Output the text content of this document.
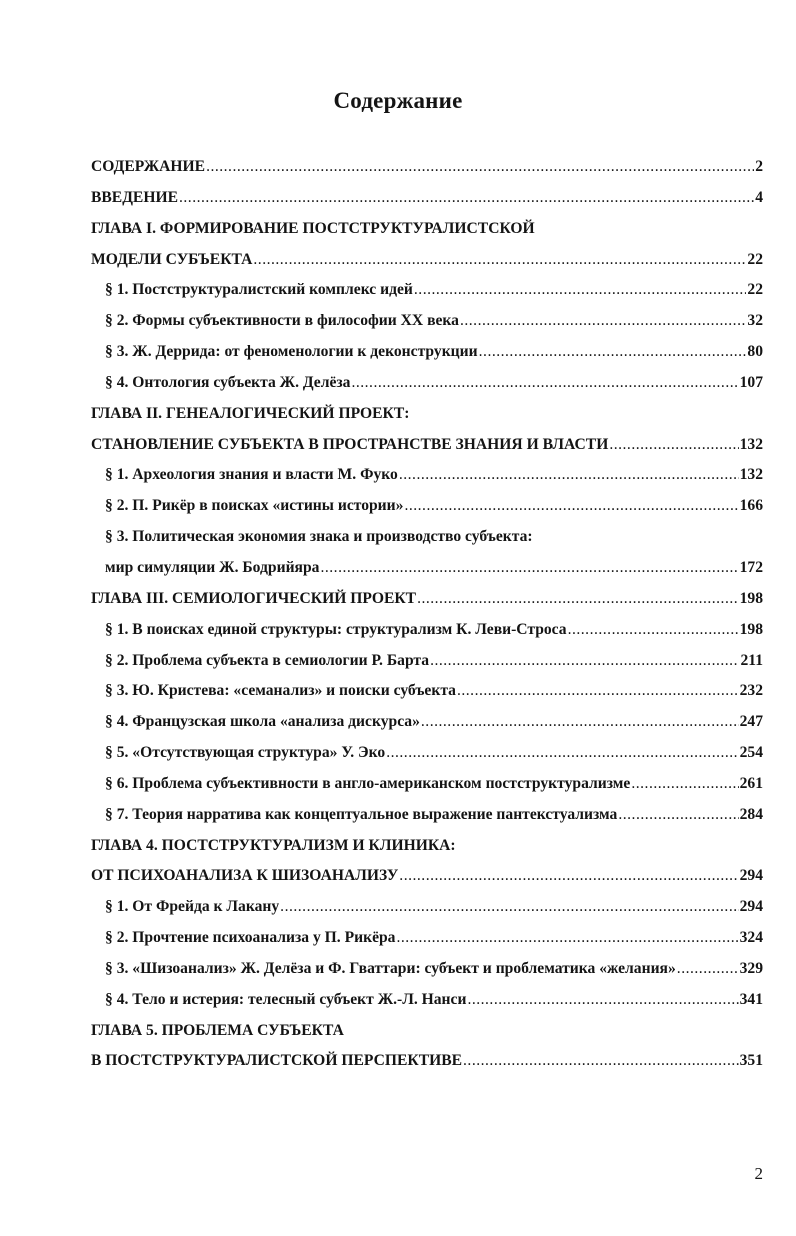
Содержание
СОДЕРЖАНИЕ .....	2
ВВЕДЕНИЕ .....	4
ГЛАВА I. ФОРМИРОВАНИЕ ПОСТСТРУКТУРАЛИСТСКОЙ
МОДЕЛИ СУБЪЕКТА .....	22
§ 1. Постструктуралистский комплекс идей .....	22
§ 2. Формы субъективности в философии XX века .....	32
§ 3. Ж. Деррида: от феноменологии к деконструкции .....	80
§ 4. Онтология субъекта Ж. Делёза .....	107
ГЛАВА II. ГЕНЕАЛОГИЧЕСКИЙ ПРОЕКТ:
СТАНОВЛЕНИЕ СУБЪЕКТА В ПРОСТРАНСТВЕ ЗНАНИЯ И ВЛАСТИ .....	132
§ 1. Археология знания и власти М. Фуко .....	132
§ 2. П. Рикёр в поисках «истины истории» .....	166
§ 3. Политическая экономия знака и производство субъекта:
мир симуляции Ж. Бодрийяра .....	172
ГЛАВА III. СЕМИОЛОГИЧЕСКИЙ ПРОЕКТ .....	198
§ 1. В поисках единой структуры: структурализм К. Леви-Строса .....	198
§ 2. Проблема субъекта в семиологии Р. Барта .....	211
§ 3. Ю. Кристева: «семанализ» и поиски субъекта .....	232
§ 4. Французская школа «анализа дискурса» .....	247
§ 5. «Отсутствующая структура» У. Эко .....	254
§ 6. Проблема субъективности в англо-американском постструктурализме .....	261
§ 7. Теория нарратива как концептуальное выражение пантекстуализма .....	284
ГЛАВА 4. ПОСТСТРУКТУРАЛИЗМ И КЛИНИКА:
ОТ ПСИХОАНАЛИЗА К ШИЗОАНАЛИЗУ .....	294
§ 1. От Фрейда к Лакану .....	294
§ 2. Прочтение психоанализа у П. Рикёра .....	324
§ 3. «Шизоанализ» Ж. Делёза и Ф. Гваттари: субъект и проблематика «желания» .....	329
§ 4. Тело и истерия: телесный субъект Ж.-Л. Нанси .....	341
ГЛАВА 5. ПРОБЛЕМА СУБЪЕКТА
В ПОСТСТРУКТУРАЛИСТСКОЙ ПЕРСПЕКТИВЕ .....	351
2
